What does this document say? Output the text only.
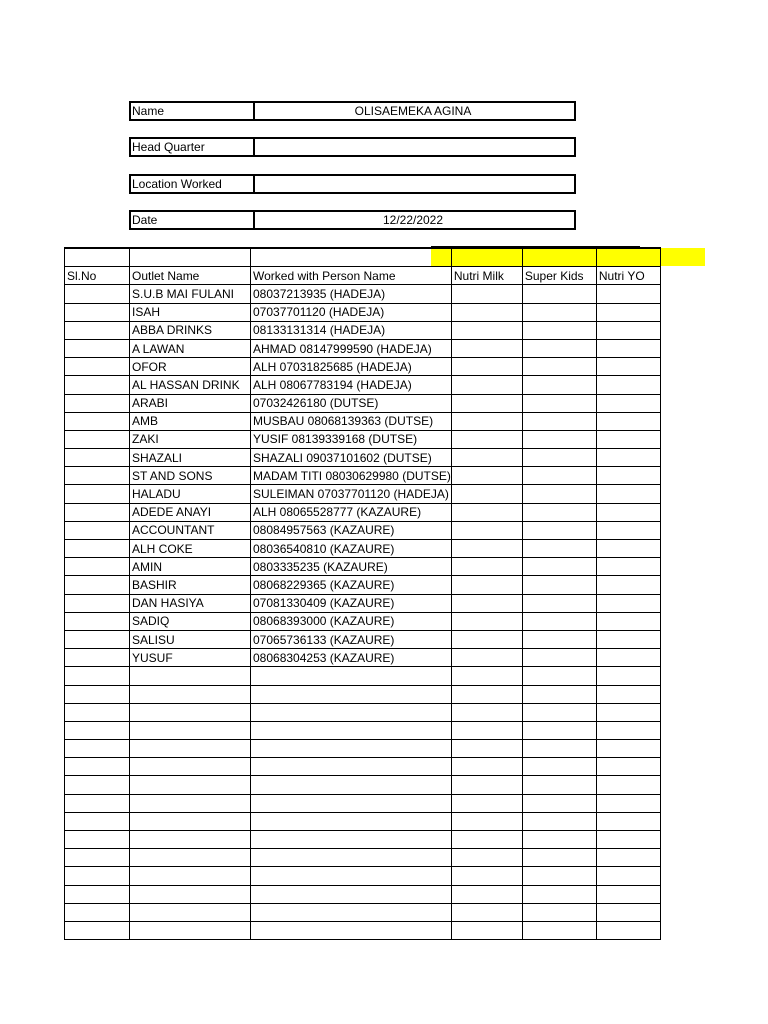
Name	OLISAEMEKA AGINA
Head Quarter
Location Worked
Date	12/22/2022

Sl.No	Outlet Name	Worked with Person Name	Nutri Milk	Super Kids	Nutri YO
	S.U.B MAI FULANI	08037213935 (HADEJA)			
	ISAH	07037701120 (HADEJA)			
	ABBA DRINKS	08133131314 (HADEJA)			
	A LAWAN	AHMAD 08147999590 (HADEJA)			
	OFOR	ALH 07031825685 (HADEJA)			
	AL HASSAN DRINK	ALH 08067783194 (HADEJA)			
	ARABI	07032426180 (DUTSE)			
	AMB	MUSBAU 08068139363 (DUTSE)			
	ZAKI	YUSIF 08139339168 (DUTSE)			
	SHAZALI	SHAZALI 09037101602 (DUTSE)			
	ST AND SONS	MADAM TITI 08030629980 (DUTSE)			
	HALADU	SULEIMAN 07037701120 (HADEJA)			
	ADEDE ANAYI	ALH 08065528777 (KAZAURE)			
	ACCOUNTANT	08084957563 (KAZAURE)			
	ALH COKE	08036540810 (KAZAURE)			
	AMIN	0803335235 (KAZAURE)			
	BASHIR	08068229365 (KAZAURE)			
	DAN HASIYA	07081330409 (KAZAURE)			
	SADIQ	08068393000 (KAZAURE)			
	SALISU	07065736133 (KAZAURE)			
	YUSUF	08068304253 (KAZAURE)			
